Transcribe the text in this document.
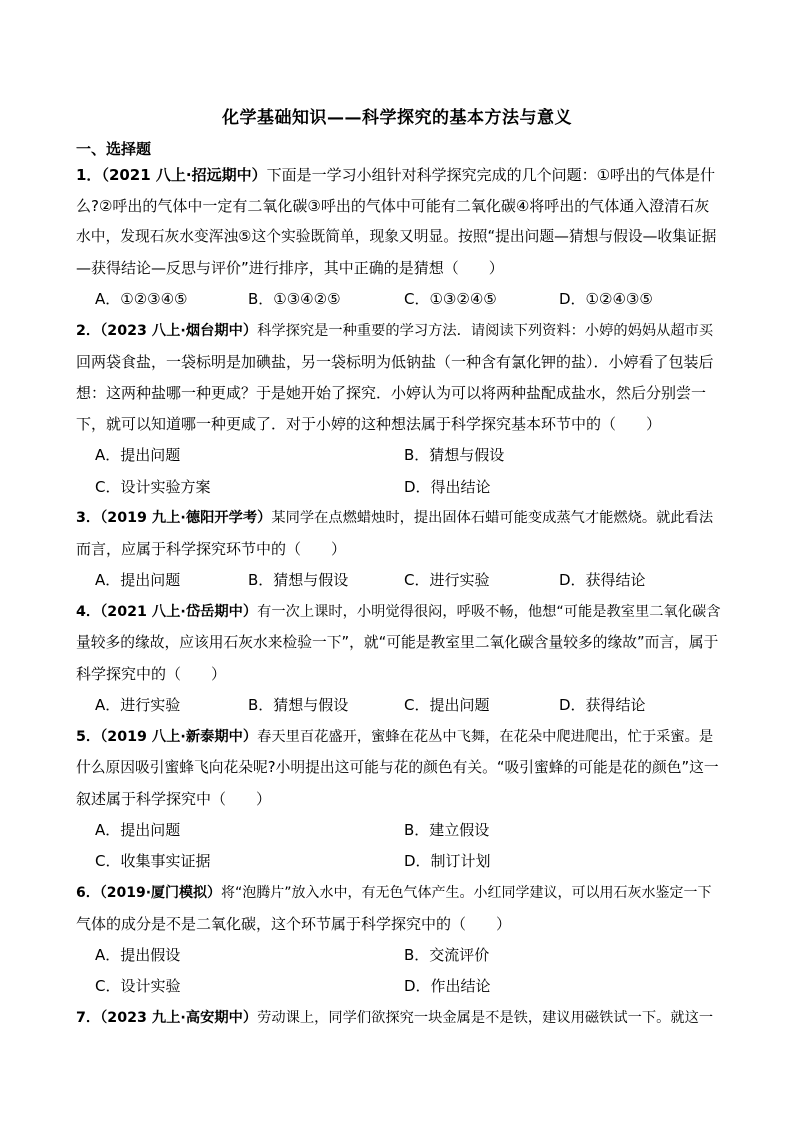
化学基础知识——科学探究的基本方法与意义
一、选择题
1．（2021 八上·招远期中）下面是一学习小组针对科学探究完成的几个问题：①呼出的气体是什
么?②呼出的气体中一定有二氧化碳③呼出的气体中可能有二氧化碳④将呼出的气体通入澄清石灰
水中，发现石灰水变浑浊⑤这个实验既简单，现象又明显。按照“提出问题—猜想与假设—收集证据
—获得结论—反思与评价”进行排序，其中正确的是猜想（　　）
A．①②③④⑤	B．①③④②⑤	C．①③②④⑤	D．①②④③⑤
2．（2023 八上·烟台期中）科学探究是一种重要的学习方法．请阅读下列资料：小婷的妈妈从超市买
回两袋食盐，一袋标明是加碘盐，另一袋标明为低钠盐（一种含有氯化钾的盐）．小婷看了包装后
想：这两种盐哪一种更咸？于是她开始了探究．小婷认为可以将两种盐配成盐水，然后分别尝一
下，就可以知道哪一种更咸了．对于小婷的这种想法属于科学探究基本环节中的（　　）
A．提出问题	B．猜想与假设
C．设计实验方案	D．得出结论
3．（2019 九上·德阳开学考）某同学在点燃蜡烛时，提出固体石蜡可能变成蒸气才能燃烧。就此看法
而言，应属于科学探究环节中的（　　）
A．提出问题	B．猜想与假设	C．进行实验	D．获得结论
4．（2021 八上·岱岳期中）有一次上课时，小明觉得很闷，呼吸不畅，他想“可能是教室里二氧化碳含
量较多的缘故，应该用石灰水来检验一下”，就“可能是教室里二氧化碳含量较多的缘故”而言，属于
科学探究中的（　　）
A．进行实验	B．猜想与假设	C．提出问题	D．获得结论
5．（2019 八上·新泰期中）春天里百花盛开，蜜蜂在花丛中飞舞，在花朵中爬进爬出，忙于采蜜。是
什么原因吸引蜜蜂飞向花朵呢?小明提出这可能与花的颜色有关。“吸引蜜蜂的可能是花的颜色”这一
叙述属于科学探究中（　　）
A．提出问题	B．建立假设
C．收集事实证据	D．制订计划
6．（2019·厦门模拟）将“泡腾片”放入水中，有无色气体产生。小红同学建议，可以用石灰水鉴定一下
气体的成分是不是二氧化碳，这个环节属于科学探究中的（　　）
A．提出假设	B．交流评价
C．设计实验	D．作出结论
7．（2023 九上·高安期中）劳动课上，同学们欲探究一块金属是不是铁，建议用磁铁试一下。就这一
